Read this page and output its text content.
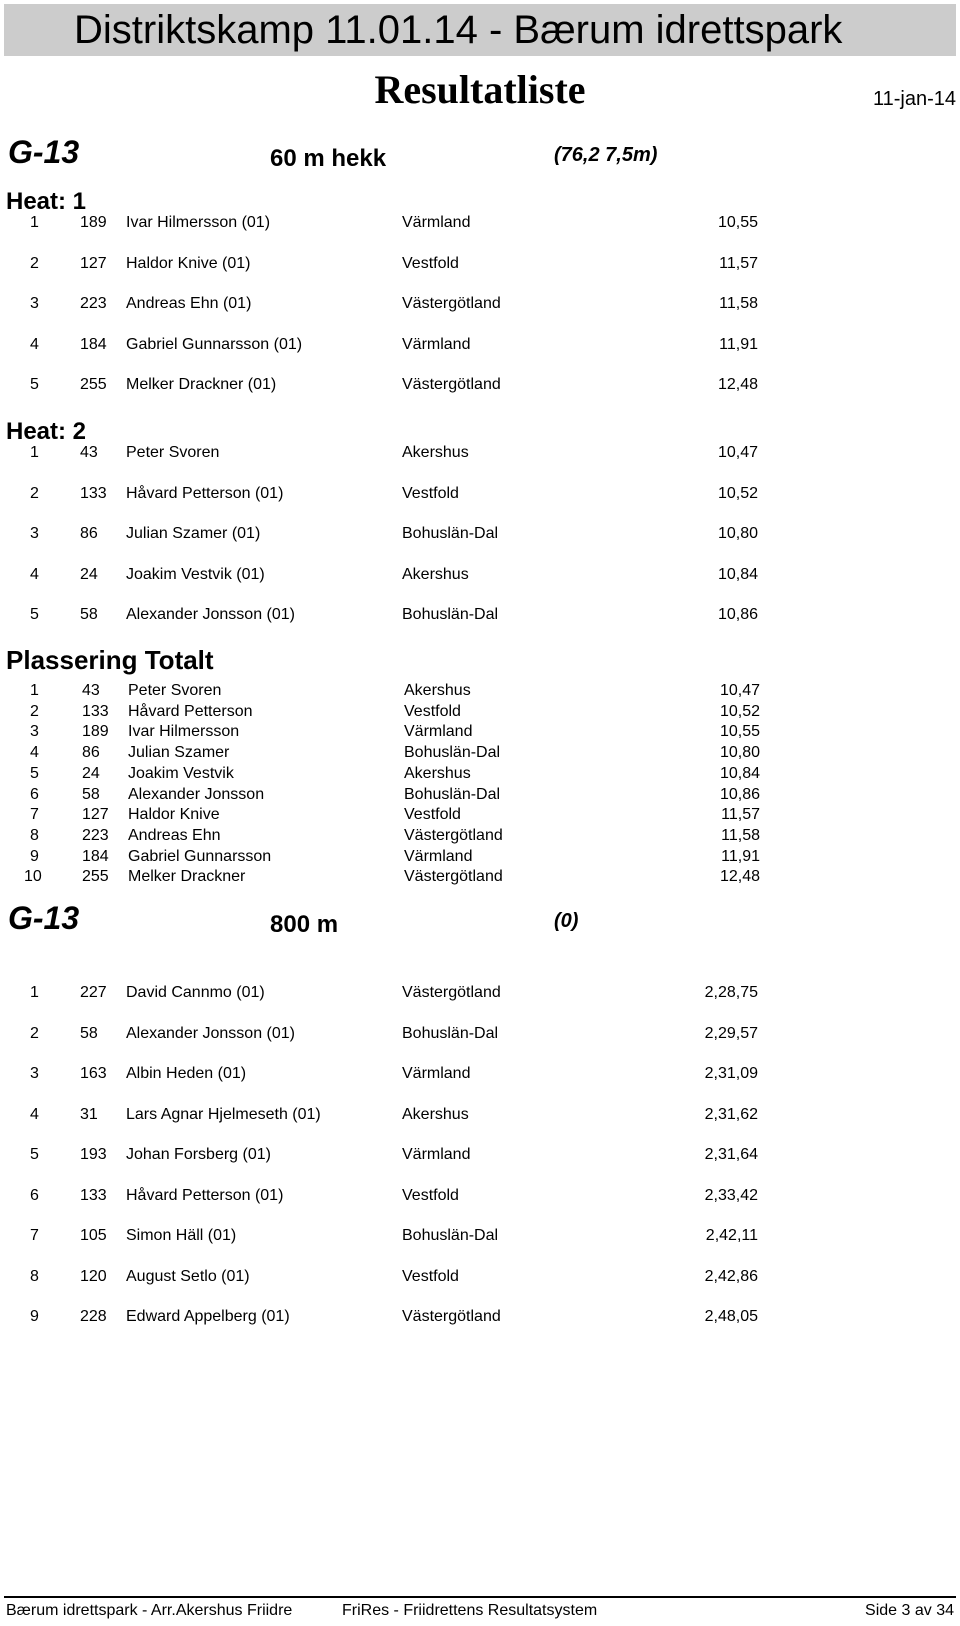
Distriktskamp 11.01.14 - Bærum idrettspark
Resultatliste	11-jan-14
G-13	60 m hekk	(76,2 7,5m)
Heat: 1
1	189 Ivar Hilmersson (01)	Värmland	10,55
2	127 Haldor Knive (01)	Vestfold	11,57
3	223 Andreas Ehn (01)	Västergötland	11,58
4	184 Gabriel Gunnarsson (01)	Värmland	11,91
5	255 Melker Drackner (01)	Västergötland	12,48
Heat: 2
1	43 Peter Svoren	Akershus	10,47
2	133 Håvard Petterson (01)	Vestfold	10,52
3	86 Julian Szamer (01)	Bohuslän-Dal	10,80
4	24 Joakim Vestvik (01)	Akershus	10,84
5	58 Alexander Jonsson (01)	Bohuslän-Dal	10,86
Plassering Totalt
1	43 Peter Svoren	Akershus	10,47
2	133 Håvard Petterson	Vestfold	10,52
3	189 Ivar Hilmersson	Värmland	10,55
4	86 Julian Szamer	Bohuslän-Dal	10,80
5	24 Joakim Vestvik	Akershus	10,84
6	58 Alexander Jonsson	Bohuslän-Dal	10,86
7	127 Haldor Knive	Vestfold	11,57
8	223 Andreas Ehn	Västergötland	11,58
9	184 Gabriel Gunnarsson	Värmland	11,91
10	255 Melker Drackner	Västergötland	12,48
G-13	800 m	(0)
1	227 David Cannmo (01)	Västergötland	2,28,75
2	58 Alexander Jonsson (01)	Bohuslän-Dal	2,29,57
3	163 Albin Heden (01)	Värmland	2,31,09
4	31 Lars Agnar Hjelmeseth (01)	Akershus	2,31,62
5	193 Johan Forsberg (01)	Värmland	2,31,64
6	133 Håvard Petterson (01)	Vestfold	2,33,42
7	105 Simon Häll (01)	Bohuslän-Dal	2,42,11
8	120 August Setlo (01)	Vestfold	2,42,86
9	228 Edward Appelberg (01)	Västergötland	2,48,05
Bærum idrettspark - Arr.Akershus Friidre	FriRes - Friidrettens Resultatsystem	Side 3 av 34
